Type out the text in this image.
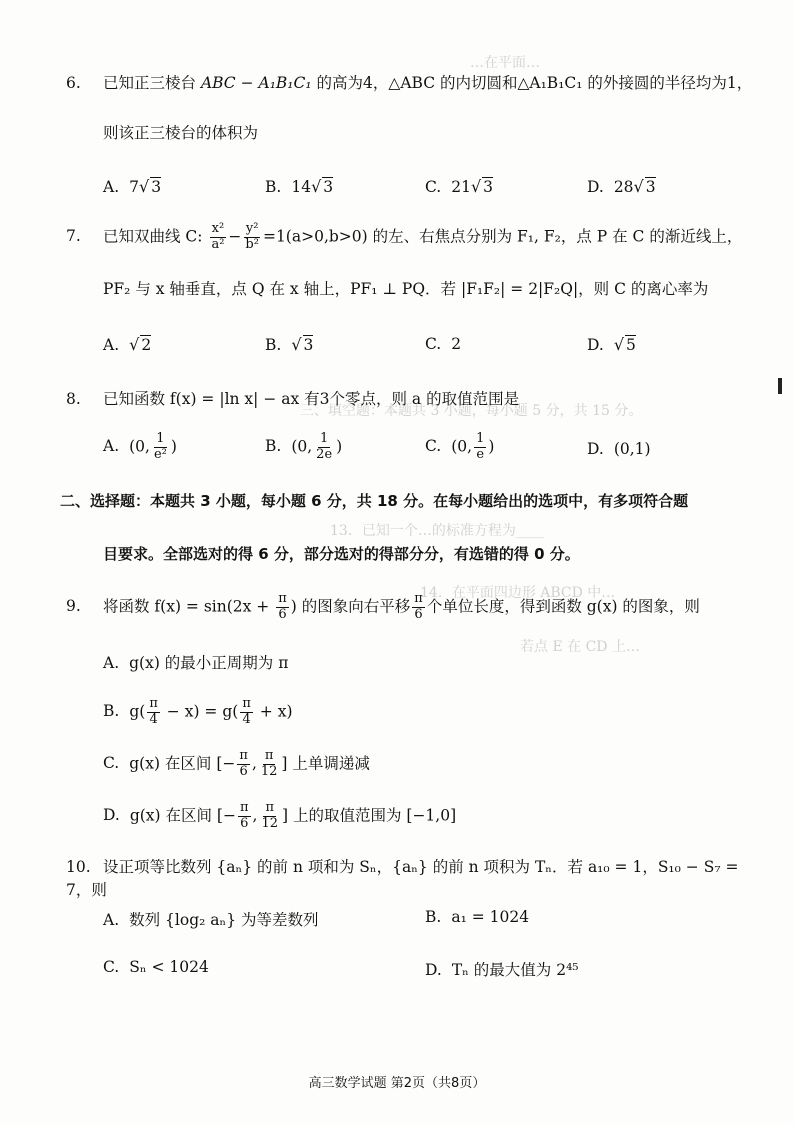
…在平面…
三、填空题：本题共 3 小题，每小题 5 分，共 15 分。
13．已知一个…的标准方程为____
14．在平面四边形 ABCD 中…
若点 E 在 CD 上…
6. 已知正三棱台 ABC − A₁B₁C₁ 的高为4，△ABC 的内切圆和△A₁B₁C₁ 的外接圆的半径均为1，
则该正三棱台的体积为
A. 7√ 3	B. 14√ 3	C. 21√ 3	D. 28√ 3
7. 已知双曲线 C: $\frac{\text{x²}}{\text{a²}} - \frac{\text{y²}}{\text{b²}} =1(a>0,b>0)$ 的左、右焦点分别为 F₁, F₂，点 P 在 C 的渐近线上，
PF₂ 与 x 轴垂直，点 Q 在 x 轴上，PF₁ ⊥ PQ．若 |F₁F₂| = 2|F₂Q|，则 C 的离心率为
A. √ 2	B. √ 3	C. 2	D. √ 5
8. 已知函数 f(x) = |ln x| − ax 有3个零点，则 a 的取值范围是
A. (0, $\frac{1}{\text{e²}}$ )	B. (0, $\frac{1}{2e}$ )	C. (0, $\frac{1}{e}$ )	D. (0,1)
二、选择题：本题共 3 小题，每小题 6 分，共 18 分。在每小题给出的选项中，有多项符合题
目要求。全部选对的得 6 分，部分选对的得部分分，有选错的得 0 分。
9. 将函数 $f(x) = \sin(2x + \frac{\pi}{6}$ ) 的图象向右平移 $\frac{\pi}{6}$ 个单位长度，得到函数 g(x) 的图象，则
A. g(x) 的最小正周期为 π
B. $g( \frac{\pi}{4} - x) = g( \frac{\pi}{4} + x)$
C. g(x) 在区间 [− $\frac{\pi}{6}$ , $\frac{\pi}{12}$ ] 上单调递减
D. g(x) 在区间 [− $\frac{\pi}{6}$ , $\frac{\pi}{12}$ ] 上的取值范围为 [−1,0]
10. 设正项等比数列 {aₙ} 的前 n 项和为 Sₙ，{aₙ} 的前 n 项积为 Tₙ．若 a₁₀ = 1，S₁₀ − S₇ = 7，则
A. 数列 {log₂ aₙ} 为等差数列	B. a₁ = 1024
C. Sₙ < 1024	D. Tₙ 的最大值为 2⁴⁵
高三数学试题 第2页（共8页）
